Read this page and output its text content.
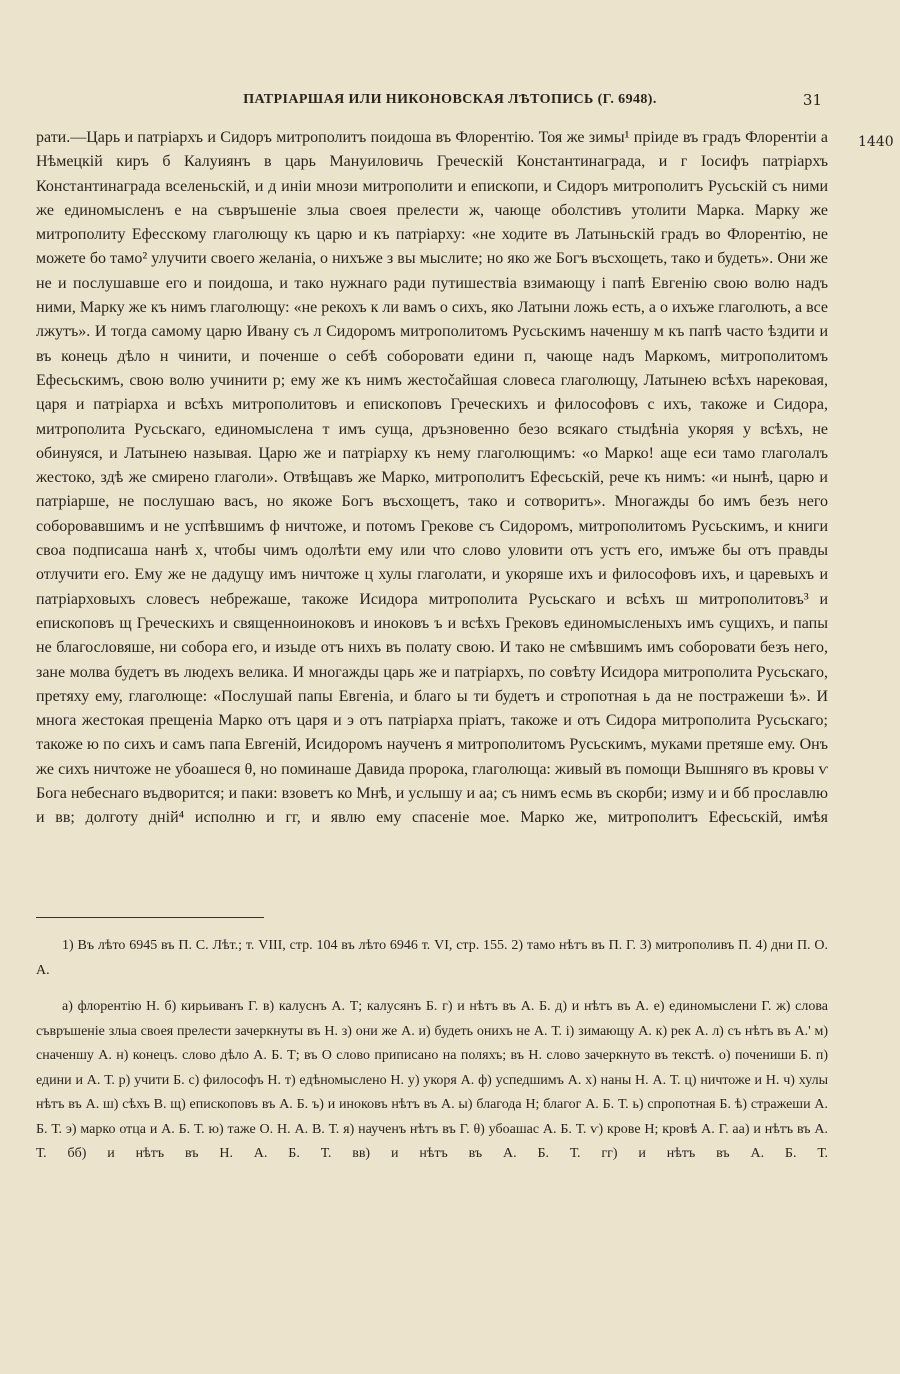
ПАТРІАРШАЯ ИЛИ НИКОНОВСКАЯ ЛѢТОПИСЬ (Г. 6948).	31
1440

рати.—Царь и патріархъ и Сидоръ митрополитъ поидоша въ Флорентію. Тоя же зимы¹ пріиде въ градъ Флорентіи а Нѣмецкій киръ б Калуиянъ в царь Мануиловичь Греческій Константинаграда, и г Іосифъ патріархъ Константинаграда вселеньскій, и д инiи мнози митрополити и епископи, и Сидоръ митрополитъ Русьскій съ ними же единомысленъ е на съвръшеніе злыа своея прелести ж, чающе оболстивъ утолити Марка. Марку же митрополиту Ефесскому глаголющу къ царю и къ патріарху: «не ходите въ Латыньскій градъ во Флорентію, не можете бо тамо² улучити своего желаніа, о нихъже з вы мыслите; но яко же Богъ въсхощеть, тако и будеть». Они же не и послушавше его и поидоша, и тако нужнаго ради путишествіа взимающу і папѣ Евгенію свою волю надъ ними, Марку же къ нимъ глаголющу: «не рекохъ к ли вамъ о сихъ, яко Латыни ложь есть, а о ихъже глаголють, а все лжутъ». И тогда самому царю Ивану съ л Сидоромъ митрополитомъ Русьскимъ наченшу м къ папѣ часто ѣздити и въ конець дѣло н чинити, и поченше о себѣ соборовати едини п, чающе надъ Маркомъ, митрополитомъ Ефесьскимъ, свою волю учинити р; ему же къ нимъ жестočайшая словеса глаголющу, Латынею всѣхъ нарековая, царя и патріарха и всѣхъ митрополитовъ и епископовъ Греческихъ и философовъ с ихъ, такоже и Сидора, митрополита Русьскаго, единомыслена т имъ суща, дръзновенно безо всякаго стыдѣніа укоряя у всѣхъ, не обинуяся, и Латынею называя. Царю же и патріарху къ нему глаголющимъ: «о Марко! аще еси тамо глаголалъ жестоко, здѣ же смирено глаголи». Отвѣщавъ же Марко, митрополитъ Ефесьскій, рече къ нимъ: «и нынѣ, царю и патріарше, не послушаю васъ, но якоже Богъ въсхощетъ, тако и сотворитъ». Многажды бо имъ безъ него соборовавшимъ и не успѣвшимъ ф ничтоже, и потомъ Грекове съ Сидоромъ, митрополитомъ Русьскимъ, и книги своа подписаша нанѣ х, чтобы чимъ одолѣти ему или что слово уловити отъ устъ его, имъже бы отъ правды отлучити его. Ему же не дадущу имъ ничтоже ц хулы глаголати, и укоряше ихъ и философовъ ихъ, и царевыхъ и патріарховыхъ словесъ небрежаше, такоже Исидора митрополита Русьскаго и всѣхъ ш митрополитовъ³ и епископовъ щ Греческихъ и священноиноковъ и иноковъ ъ и всѣхъ Грековъ единомысленыхъ имъ сущихъ, и папы не благословяше, ни собора его, и изыде отъ нихъ въ полату свою. И тако не смѣвшимъ имъ соборовати безъ него, зане молва будетъ въ людехъ велика. И многажды царь же и патріархъ, по совѣту Исидора митрополита Русьскаго, претяху ему, глаголюще: «Послушай папы Евгеніа, и благо ы ти будетъ и стропотная ь да не постражеши ѣ». И многа жестокая прещеніа Марко отъ царя и э отъ патріарха пріатъ, такоже и отъ Сидора митрополита Русьскаго; такоже ю по сихъ и самъ папа Евгеній, Исидоромъ наученъ я митрополитомъ Русьскимъ, муками претяше ему. Онъ же сихъ ничтоже не убоашеся θ, но поминаше Давида пророка, глаголюща: живый въ помощи Вышняго въ кровы ѵ Бога небеснаго въдворится; и паки: взоветъ ко Мнѣ, и услышу и аа; съ нимъ есмь въ скорби; изму и и бб прославлю и вв; долготу дній⁴ исполню и гг, и явлю ему спасеніе мое. Марко же, митрополитъ Ефесьскій, имѣя

1) Въ лѣто 6945 въ П. С. Лѣт.; т. VIII, стр. 104 въ лѣто 6946 т. VI, стр. 155. 2) тамо нѣтъ въ П. Г. 3) митрополивъ П. 4) дни П. О. А.

а) флорентію Н. б) кирьиванъ Г. в) калуснъ А. Т; калусянъ Б. г) и нѣтъ въ А. Б. д) и нѣтъ въ А. е) единомыслени Г. ж) слова съвръшеніе злыа своея прелести зачеркнуты въ Н. з) они же А. и) будеть онихъ не А. Т. і) зимающу А. к) рек А. л) съ нѣтъ въ А.' м) сначеншу А. н) конецъ. слово дѣло А. Б. Т; въ О слово приписано на поляхъ; въ Н. слово зачеркнуто въ текстѣ. о) почениши Б. п) едини и А. Т. р) учити Б. с) философъ Н. т) едѣномыслено Н. у) укоря А. ф) успедшимъ А. х) наны Н. А. Т. ц) ничтоже и Н. ч) хулы нѣтъ въ А. ш) сѣхъ В. щ) епископовъ въ А. Б. ъ) и иноковъ нѣтъ въ А. ы) благода Н; благог А. Б. Т. ь) спропотная Б. ѣ) стражеши А. Б. Т. э) марко отца и А. Б. Т. ю) таже О. Н. А. В. Т. я) наученъ нѣтъ въ Г. θ) убоашас А. Б. Т. ѵ) крове Н; кровѣ А. Г. аа) и нѣтъ въ А. Т. бб) и нѣтъ въ Н. А. Б. Т. вв) и нѣтъ въ А. Б. Т. гг) и нѣтъ въ А. Б. Т.
